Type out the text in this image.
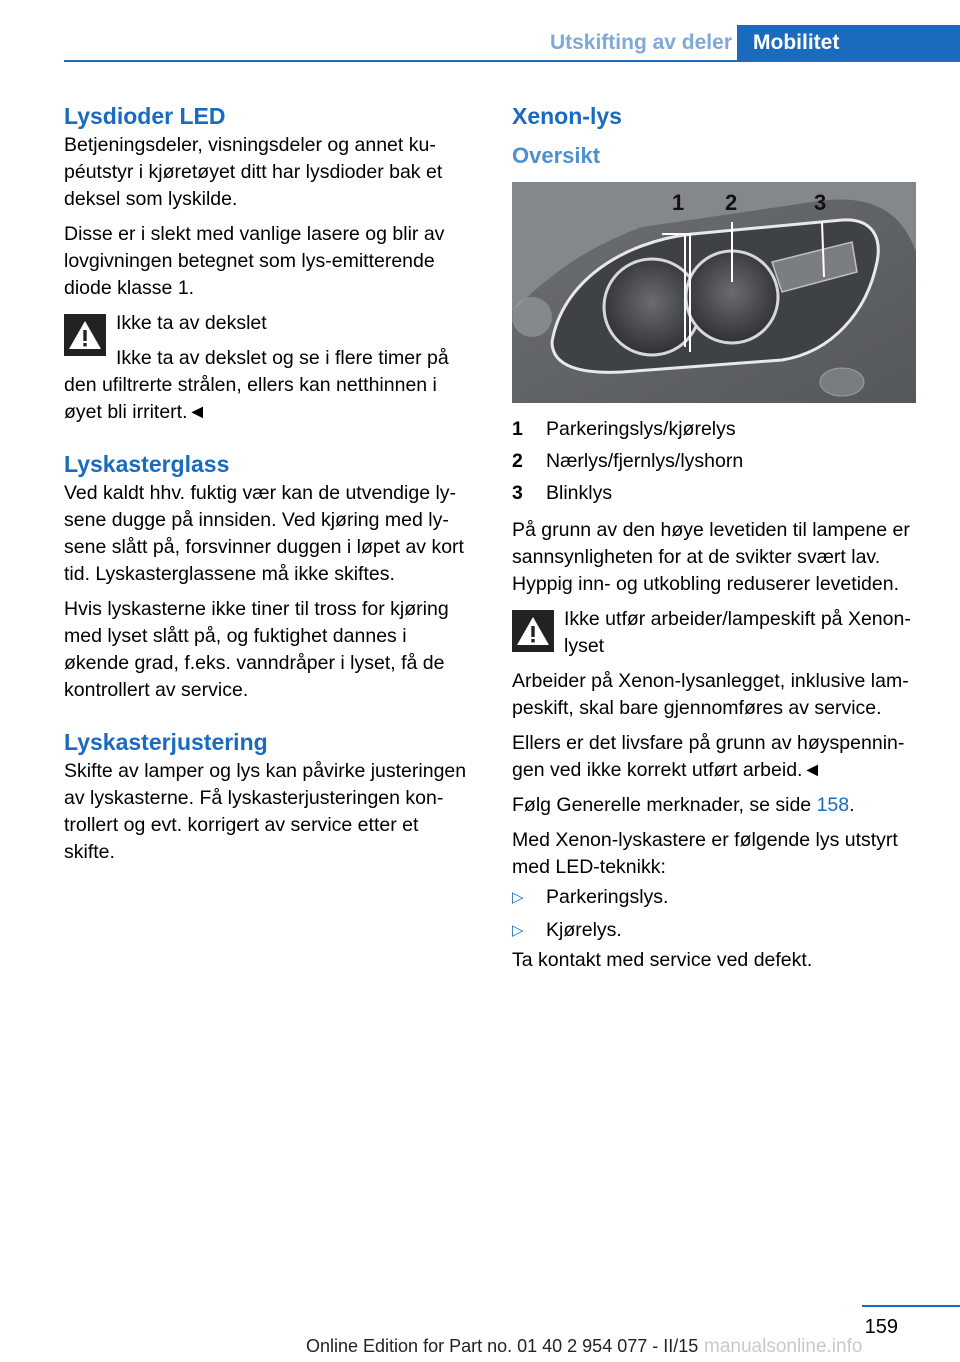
Utskifting av deler	Mobilitet
Lysdioder LED

Betjeningsdeler, visningsdeler og annet kupéutstyr i kjøretøyet ditt har lysdioder bak et deksel som lyskilde.

Disse er i slekt med vanlige lasere og blir av lovgivningen betegnet som lys-emitterende diode klasse 1.

Ikke ta av dekslet

Ikke ta av dekslet og se i flere timer på den ufiltrerte strålen, ellers kan netthinnen i øyet bli irritert.◄

Lyskasterglass

Ved kaldt hhv. fuktig vær kan de utvendige lysene dugge på innsiden. Ved kjøring med lysene slått på, forsvinner duggen i løpet av kort tid. Lyskasterglassene må ikke skiftes.

Hvis lyskasterne ikke tiner til tross for kjøring med lyset slått på, og fuktighet dannes i økende grad, f.eks. vanndråper i lyset, få de kontrollert av service.

Lyskasterjustering

Skifte av lamper og lys kan påvirke justeringen av lyskasterne. Få lyskasterjusteringen kontrollert og evt. korrigert av service etter et skifte.

Xenon-lys
Oversikt
1 2	3
1	Parkeringslys/kjørelys
2	Nærlys/fjernlys/lyshorn
3	Blinklys

På grunn av den høye levetiden til lampene er sannsynligheten for at de svikter svært lav. Hyppig inn- og utkobling reduserer levetiden.

Ikke utfør arbeider/lampeskift på Xenonlyset

Arbeider på Xenon-lysanlegget, inklusive lampeskift, skal bare gjennomføres av service.

Ellers er det livsfare på grunn av høyspenningen ved ikke korrekt utført arbeid.◄

Følg Generelle merknader, se side 158.

Med Xenon-lyskastere er følgende lys utstyrt med LED-teknikk:

▷	Parkeringslys.
▷	Kjørelys.

Ta kontakt med service ved defekt.

159
Online Edition for Part no. 01 40 2 954 077 - II/15 manualsonline.info
